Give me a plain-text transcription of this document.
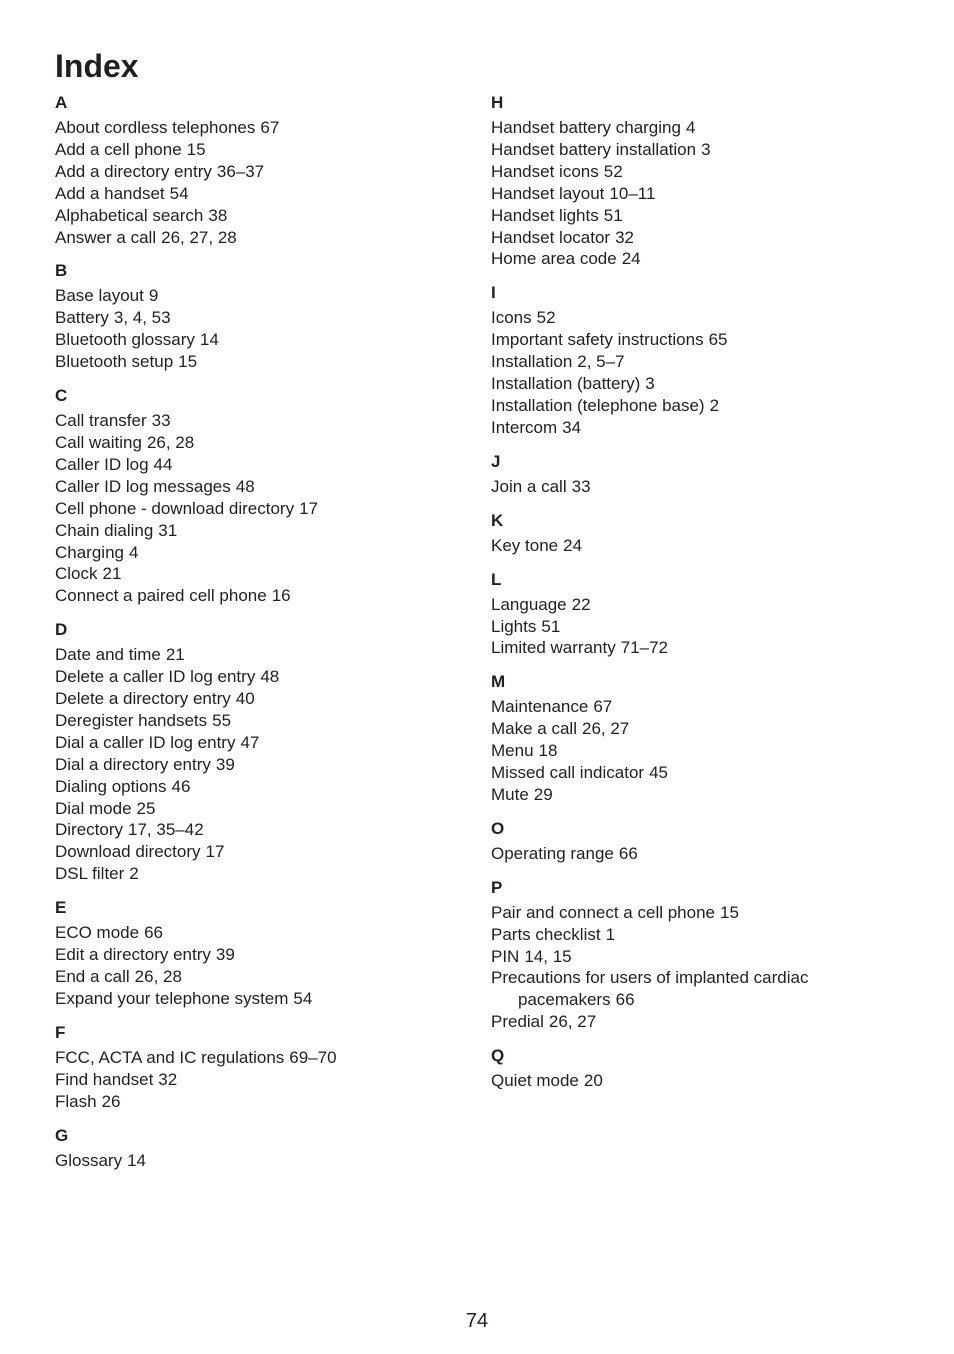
Index
A
About cordless telephones 67
Add a cell phone 15
Add a directory entry 36–37
Add a handset 54
Alphabetical search 38
Answer a call 26, 27, 28
B
Base layout 9
Battery 3, 4, 53
Bluetooth glossary 14
Bluetooth setup 15
C
Call transfer 33
Call waiting 26, 28
Caller ID log 44
Caller ID log messages 48
Cell phone - download directory 17
Chain dialing 31
Charging 4
Clock 21
Connect a paired cell phone 16
D
Date and time 21
Delete a caller ID log entry 48
Delete a directory entry 40
Deregister handsets 55
Dial a caller ID log entry 47
Dial a directory entry 39
Dialing options 46
Dial mode 25
Directory 17, 35–42
Download directory 17
DSL filter 2
E
ECO mode 66
Edit a directory entry 39
End a call 26, 28
Expand your telephone system 54
F
FCC, ACTA and IC regulations 69–70
Find handset 32
Flash 26
G
Glossary 14
H
Handset battery charging 4
Handset battery installation 3
Handset icons 52
Handset layout 10–11
Handset lights 51
Handset locator 32
Home area code 24
I
Icons 52
Important safety instructions 65
Installation 2, 5–7
Installation (battery) 3
Installation (telephone base) 2
Intercom 34
J
Join a call 33
K
Key tone 24
L
Language 22
Lights 51
Limited warranty 71–72
M
Maintenance 67
Make a call 26, 27
Menu 18
Missed call indicator 45
Mute 29
O
Operating range 66
P
Pair and connect a cell phone 15
Parts checklist 1
PIN 14, 15
Precautions for users of implanted cardiac
pacemakers 66
Predial 26, 27
Q
Quiet mode 20
74
